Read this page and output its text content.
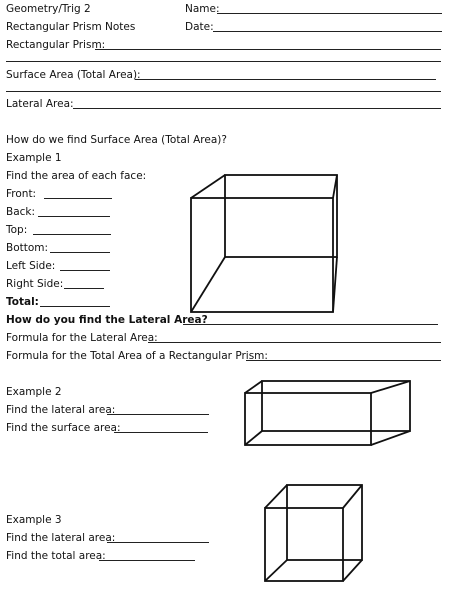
Geometry/Trig 2	Name:
Rectangular Prism Notes	Date:
Rectangular Prism:
Surface Area (Total Area):
Lateral Area:
How do we find Surface Area (Total Area)?
Example 1
Find the area of each face:
Front:
Back:
Top:
Bottom:
Left Side:
Right Side:
Total:
How do you find the Lateral Area?
Formula for the Lateral Area:
Formula for the Total Area of a Rectangular Prism:
Example 2
Find the lateral area:
Find the surface area:
Example 3
Find the lateral area:
Find the total area:
